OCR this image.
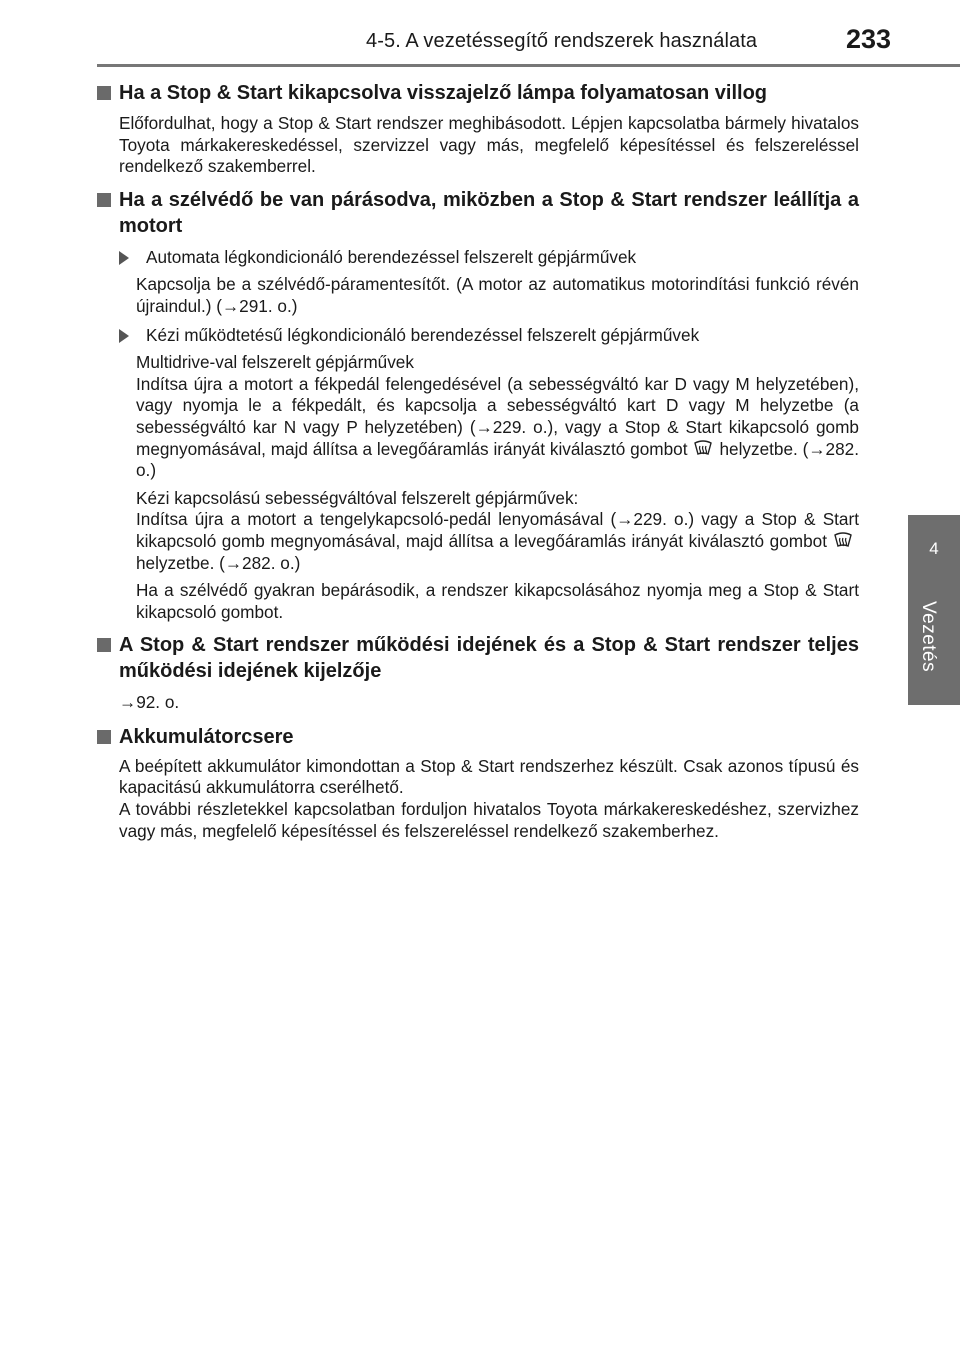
4-5. A vezetéssegítő rendszerek használata	233
4
Vezetés
Ha a Stop & Start kikapcsolva visszajelző lámpa folyamatosan villog

Előfordulhat, hogy a Stop & Start rendszer meghibásodott. Lépjen kapcsolatba bármely hivatalos Toyota márkakereskedéssel, szervizzel vagy más, megfelelő képesítéssel és felszereléssel rendelkező szakemberrel.

Ha a szélvédő be van párásodva, miközben a Stop & Start rendszer leállítja a motort
Automata légkondicionáló berendezéssel felszerelt gépjárművek

Kapcsolja be a szélvédő-páramentesítőt. (A motor az automatikus motorindítási funkció révén újraindul.) (→291. o.)

Kézi működtetésű légkondicionáló berendezéssel felszerelt gépjárművek

Multidrive-val felszerelt gépjárművek
Indítsa újra a motort a fékpedál felengedésével (a sebességváltó kar D vagy M helyzetében), vagy nyomja le a fékpedált, és kapcsolja a sebességváltó kart D vagy M helyzetbe (a sebességváltó kar N vagy P helyzetében) (→229. o.), vagy a Stop & Start kikapcsoló gomb megnyomásával, majd állítsa a levegőáramlás irányát kiválasztó gombot helyzetbe. (→282. o.)

Kézi kapcsolású sebességváltóval felszerelt gépjárművek:
Indítsa újra a motort a tengelykapcsoló-pedál lenyomásával (→229. o.) vagy a Stop & Start kikapcsoló gomb megnyomásával, majd állítsa a levegőáramlás irányát kiválasztó gombothelyzetbe. (→282. o.)

Ha a szélvédő gyakran bepárásodik, a rendszer kikapcsolásához nyomja meg a Stop & Start kikapcsoló gombot.

A Stop & Start rendszer működési idejének és a Stop & Start rendszer teljes működési idejének kijelzője

→92. o.

Akkumulátorcsere

A beépített akkumulátor kimondottan a Stop & Start rendszerhez készült. Csak azonos típusú és kapacitású akkumulátorra cserélhető.

A további részletekkel kapcsolatban forduljon hivatalos Toyota márkakereskedéshez, szervizhez vagy más, megfelelő képesítéssel és felszereléssel rendelkező szakemberhez.
